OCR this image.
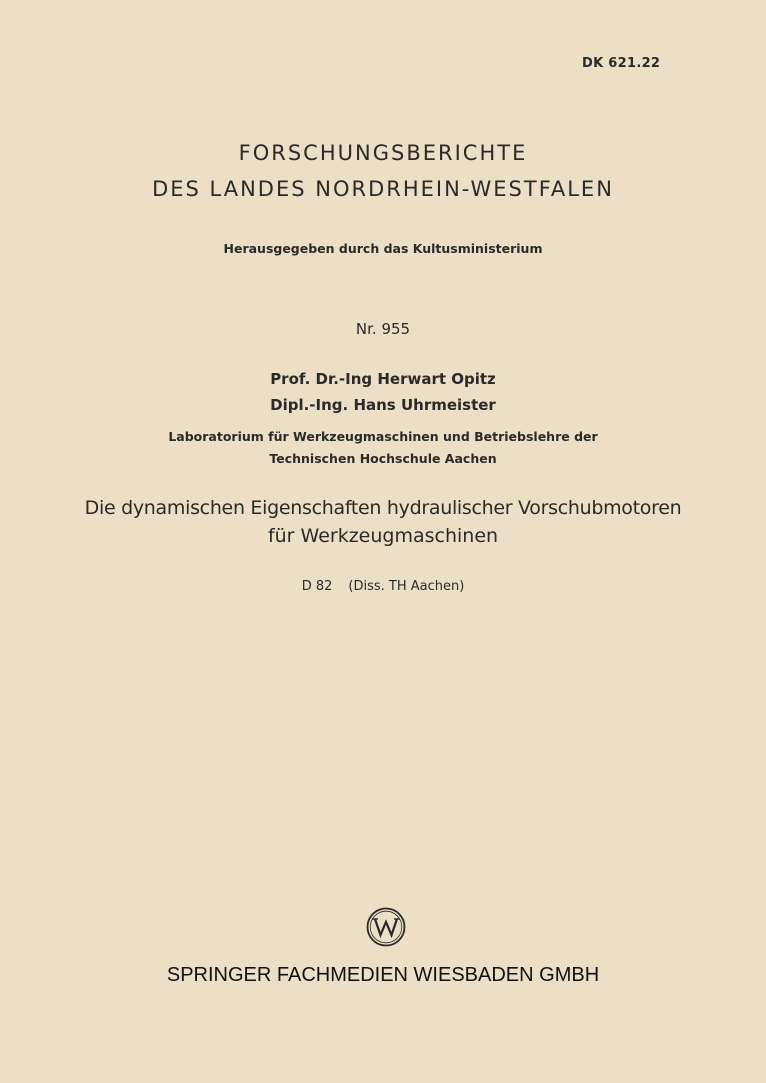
DK 621.22
FORSCHUNGSBERICHTE
DES LANDES NORDRHEIN-WESTFALEN
Herausgegeben durch das Kultusministerium
Nr. 955
Prof. Dr.-Ing Herwart Opitz
Dipl.-Ing. Hans Uhrmeister
Laboratorium für Werkzeugmaschinen und Betriebslehre der
Technischen Hochschule Aachen
Die dynamischen Eigenschaften hydraulischer Vorschubmotoren
für Werkzeugmaschinen
D 82 (Diss. TH Aachen)
SPRINGER FACHMEDIEN WIESBADEN GMBH
